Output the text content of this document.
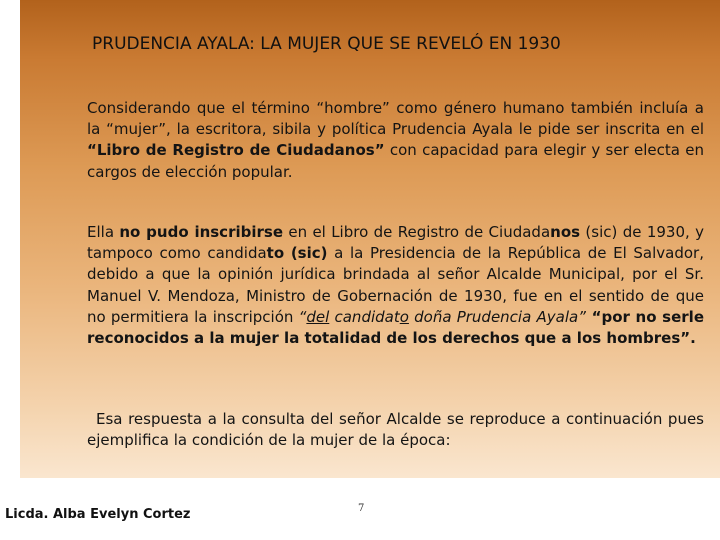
PRUDENCIA AYALA: LA MUJER QUE SE REVELÓ EN 1930

Considerando que el término “hombre” como género humano también incluía a la “mujer”, la escritora, sibila y política Prudencia Ayala le pide ser inscrita en el “Libro de Registro de Ciudadanos” con capacidad para elegir y ser electa en cargos de elección popular.

Ella no pudo inscribirse en el Libro de Registro de Ciudadanos (sic) de 1930, y tampoco como candidato (sic) a la Presidencia de la República de El Salvador, debido a que la opinión jurídica brindada al señor Alcalde Municipal, por el Sr. Manuel V. Mendoza, Ministro de Gobernación de 1930, fue en el sentido de que no permitiera la inscripción “del candidato doña Prudencia Ayala” “por no serle reconocidos a la mujer la totalidad de los derechos que a los hombres”.

Esa respuesta a la consulta del señor Alcalde se reproduce a continuación pues ejemplifica la condición de la mujer de la época:

Licda. Alba Evelyn Cortez	7
